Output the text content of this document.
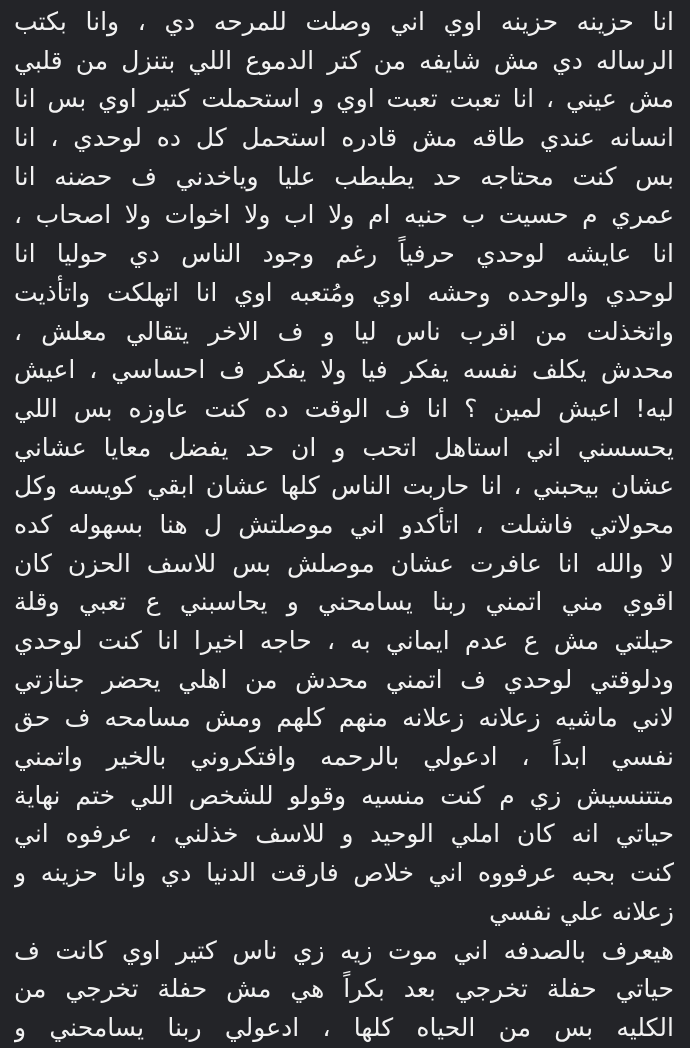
انا حزينه حزينه اوي اني وصلت للمرحه دي ، وانا بكتب
الرساله دي مش شايفه من كتر الدموع اللي بتنزل من قلبي
مش عيني ، انا تعبت تعبت اوي و استحملت كتير اوي بس انا
انسانه عندي طاقه مش قادره استحمل كل ده لوحدي ، انا
بس كنت محتاجه حد يطبطب عليا وياخدني ف حضنه انا
عمري م حسيت ب حنيه ام ولا اب ولا اخوات ولا اصحاب ،
انا عايشه لوحدي حرفياً رغم وجود الناس دي حوليا انا
لوحدي والوحده وحشه اوي ومُتعبه اوي انا اتهلكت واتأذيت
واتخذلت من اقرب ناس ليا و ف الاخر يتقالي معلش ،
محدش يكلف نفسه يفكر فيا ولا يفكر ف احساسي ، اعيش
ليه! اعيش لمين ؟ انا ف الوقت ده كنت عاوزه بس اللي
يحسسني اني استاهل اتحب و ان حد يفضل معايا عشاني
عشان بيحبني ، انا حاربت الناس كلها عشان ابقي كويسه وكل
محولاتي فاشلت ، اتأكدو اني موصلتش ل هنا بسهوله كده
لا والله انا عافرت عشان موصلش بس للاسف الحزن كان
اقوي مني اتمني ربنا يسامحني و يحاسبني ع تعبي وقلة
حيلتي مش ع عدم ايماني به ، حاجه اخيرا انا كنت لوحدي
ودلوقتي لوحدي ف اتمني محدش من اهلي يحضر جنازتي
لاني ماشيه زعلانه زعلانه منهم كلهم ومش مسامحه ف حق
نفسي ابداً ، ادعولي بالرحمه وافتكروني بالخير واتمني
متتنسيش زي م كنت منسيه وقولو للشخص اللي ختم نهاية
حياتي انه كان املي الوحيد و للاسف خذلني ، عرفوه اني
كنت بحبه عرفووه اني خلاص فارقت الدنيا دي وانا حزينه و
زعلانه علي نفسي
هيعرف بالصدفه اني موت زيه زي ناس كتير اوي كانت ف
حياتي حفلة تخرجي بعد بكراً هي مش حفلة تخرجي من
الكليه بس من الحياه كلها ، ادعولي ربنا يسامحني و
